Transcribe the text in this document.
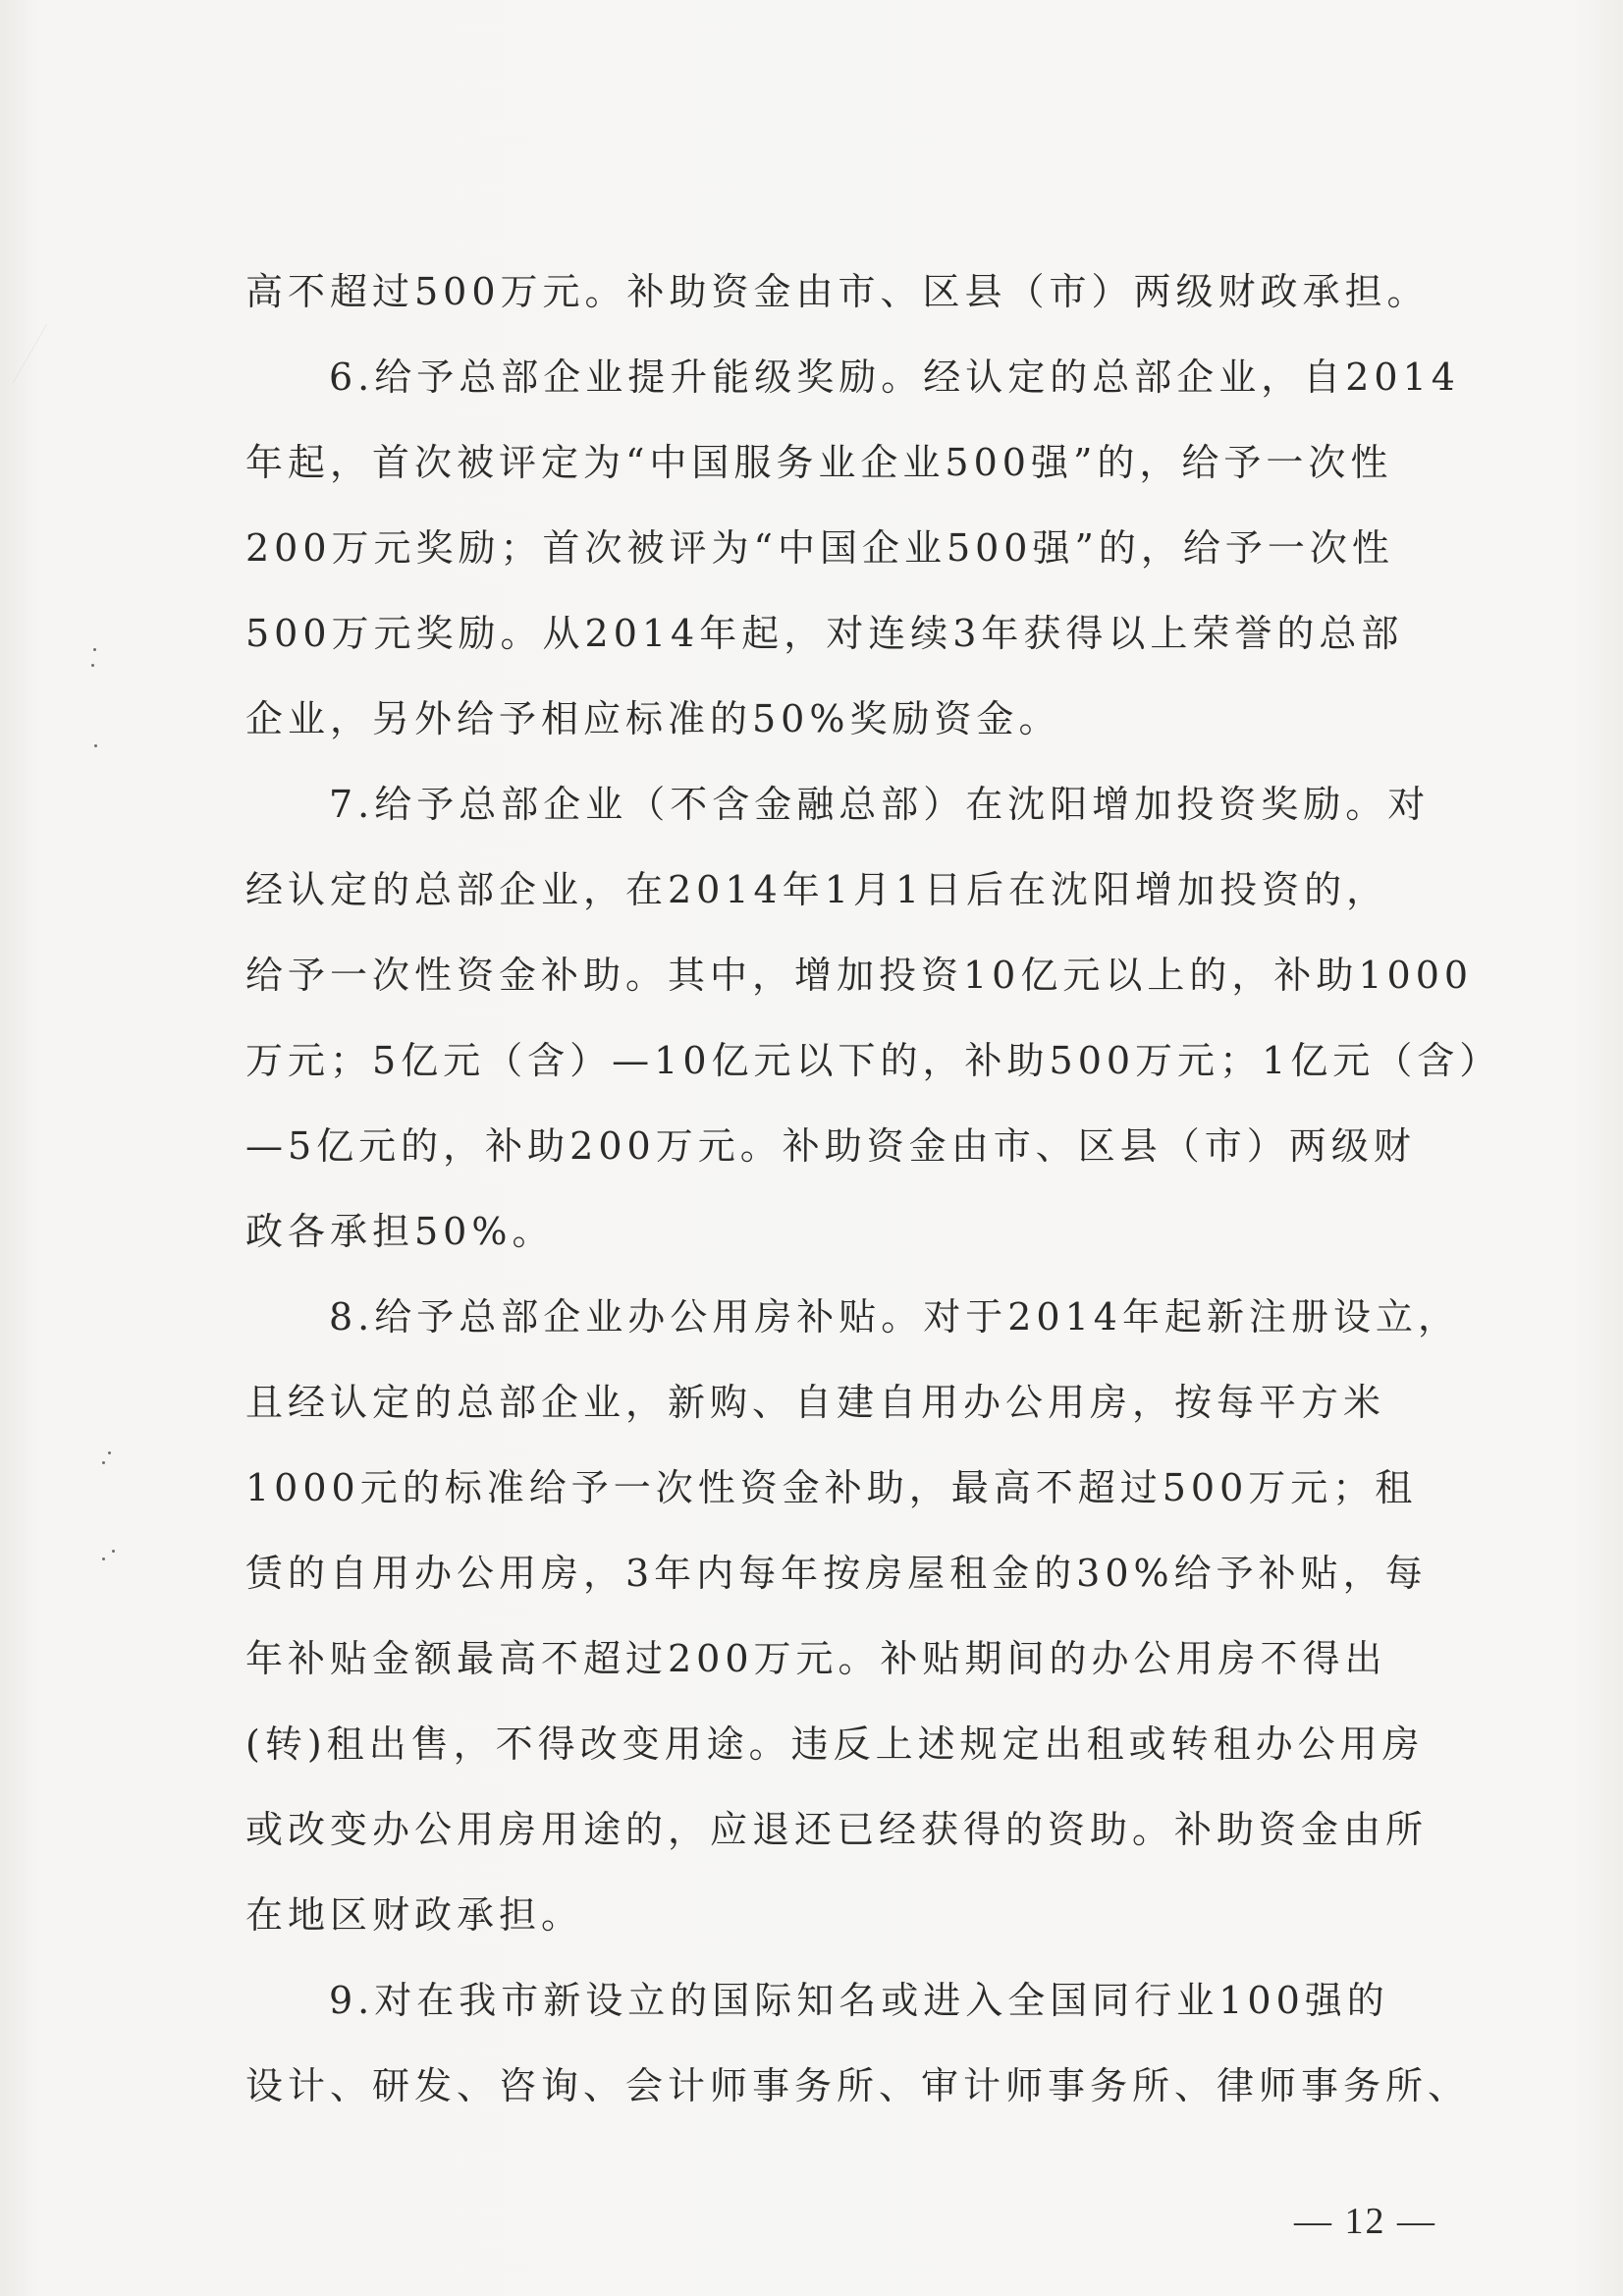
高不超过500万元。补助资金由市、区县（市）两级财政承担。
6.给予总部企业提升能级奖励。经认定的总部企业，自2014
年起，首次被评定为“中国服务业企业500强”的，给予一次性
200万元奖励；首次被评为“中国企业500强”的，给予一次性
500万元奖励。从2014年起，对连续3年获得以上荣誉的总部
企业，另外给予相应标准的50%奖励资金。
7.给予总部企业（不含金融总部）在沈阳增加投资奖励。对
经认定的总部企业，在2014年1月1日后在沈阳增加投资的，
给予一次性资金补助。其中，增加投资10亿元以上的，补助1000
万元；5亿元（含）—10亿元以下的，补助500万元；1亿元（含）
—5亿元的，补助200万元。补助资金由市、区县（市）两级财
政各承担50%。
8.给予总部企业办公用房补贴。对于2014年起新注册设立，
且经认定的总部企业，新购、自建自用办公用房，按每平方米
1000元的标准给予一次性资金补助，最高不超过500万元；租
赁的自用办公用房，3年内每年按房屋租金的30%给予补贴，每
年补贴金额最高不超过200万元。补贴期间的办公用房不得出
(转)租出售，不得改变用途。违反上述规定出租或转租办公用房
或改变办公用房用途的，应退还已经获得的资助。补助资金由所
在地区财政承担。
9.对在我市新设立的国际知名或进入全国同行业100强的
设计、研发、咨询、会计师事务所、审计师事务所、律师事务所、
— 12 —
